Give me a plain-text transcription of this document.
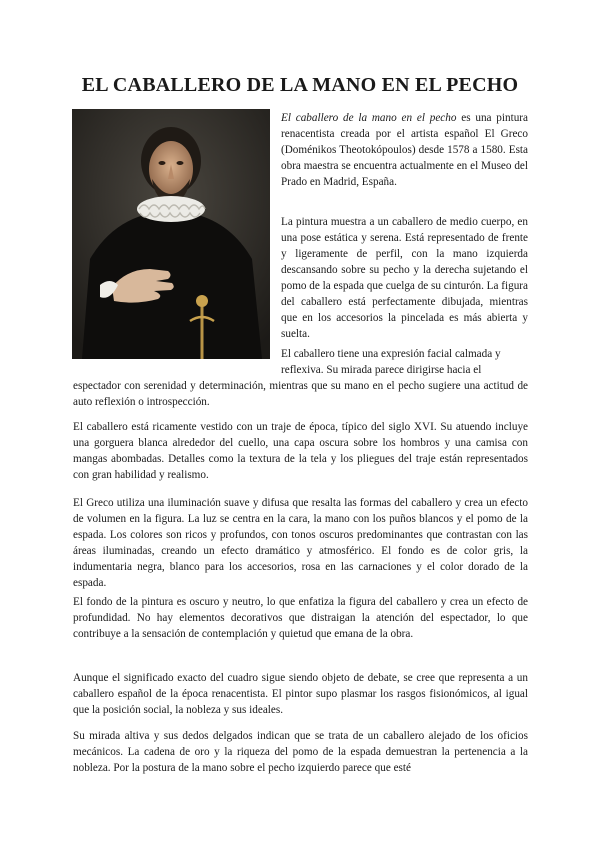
EL CABALLERO DE LA MANO EN EL PECHO

El caballero de la mano en el pecho es una pintura renacentista creada por el artista español El Greco (Doménikos Theotokópoulos) desde 1578 a 1580. Esta obra maestra se encuentra actualmente en el Museo del Prado en Madrid, España.

La pintura muestra a un caballero de medio cuerpo, en una pose estática y serena. Está representado de frente y ligeramente de perfil, con la mano izquierda descansando sobre su pecho y la derecha sujetando el pomo de la espada que cuelga de su cinturón. La figura del caballero está perfectamente dibujada, mientras que en los accesorios la pincelada es más abierta y suelta.

El caballero tiene una expresión facial calmada y

reflexiva. Su mirada parece dirigirse hacia el

espectador con serenidad y determinación, mientras que su mano en el pecho sugiere una actitud de auto reflexión o introspección.

El caballero está ricamente vestido con un traje de época, típico del siglo XVI. Su atuendo incluye una gorguera blanca alrededor del cuello, una capa oscura sobre los hombros y una camisa con mangas abombadas. Detalles como la textura de la tela y los pliegues del traje están representados con gran habilidad y realismo.

El Greco utiliza una iluminación suave y difusa que resalta las formas del caballero y crea un efecto de volumen en la figura. La luz se centra en la cara, la mano con los puños blancos y el pomo de la espada. Los colores son ricos y profundos, con tonos oscuros predominantes que contrastan con las áreas iluminadas, creando un efecto dramático y atmosférico. El fondo es de color gris, la indumentaria negra, blanco para los accesorios, rosa en las carnaciones y el color dorado de la espada.

El fondo de la pintura es oscuro y neutro, lo que enfatiza la figura del caballero y crea un efecto de profundidad. No hay elementos decorativos que distraigan la atención del espectador, lo que contribuye a la sensación de contemplación y quietud que emana de la obra.

Aunque el significado exacto del cuadro sigue siendo objeto de debate, se cree que representa a un caballero español de la época renacentista. El pintor supo plasmar los rasgos fisionómicos, al igual que la posición social, la nobleza y sus ideales.

Su mirada altiva y sus dedos delgados indican que se trata de un caballero alejado de los oficios mecánicos. La cadena de oro y la riqueza del pomo de la espada demuestran la pertenencia a la nobleza. Por la postura de la mano sobre el pecho izquierdo parece que esté
